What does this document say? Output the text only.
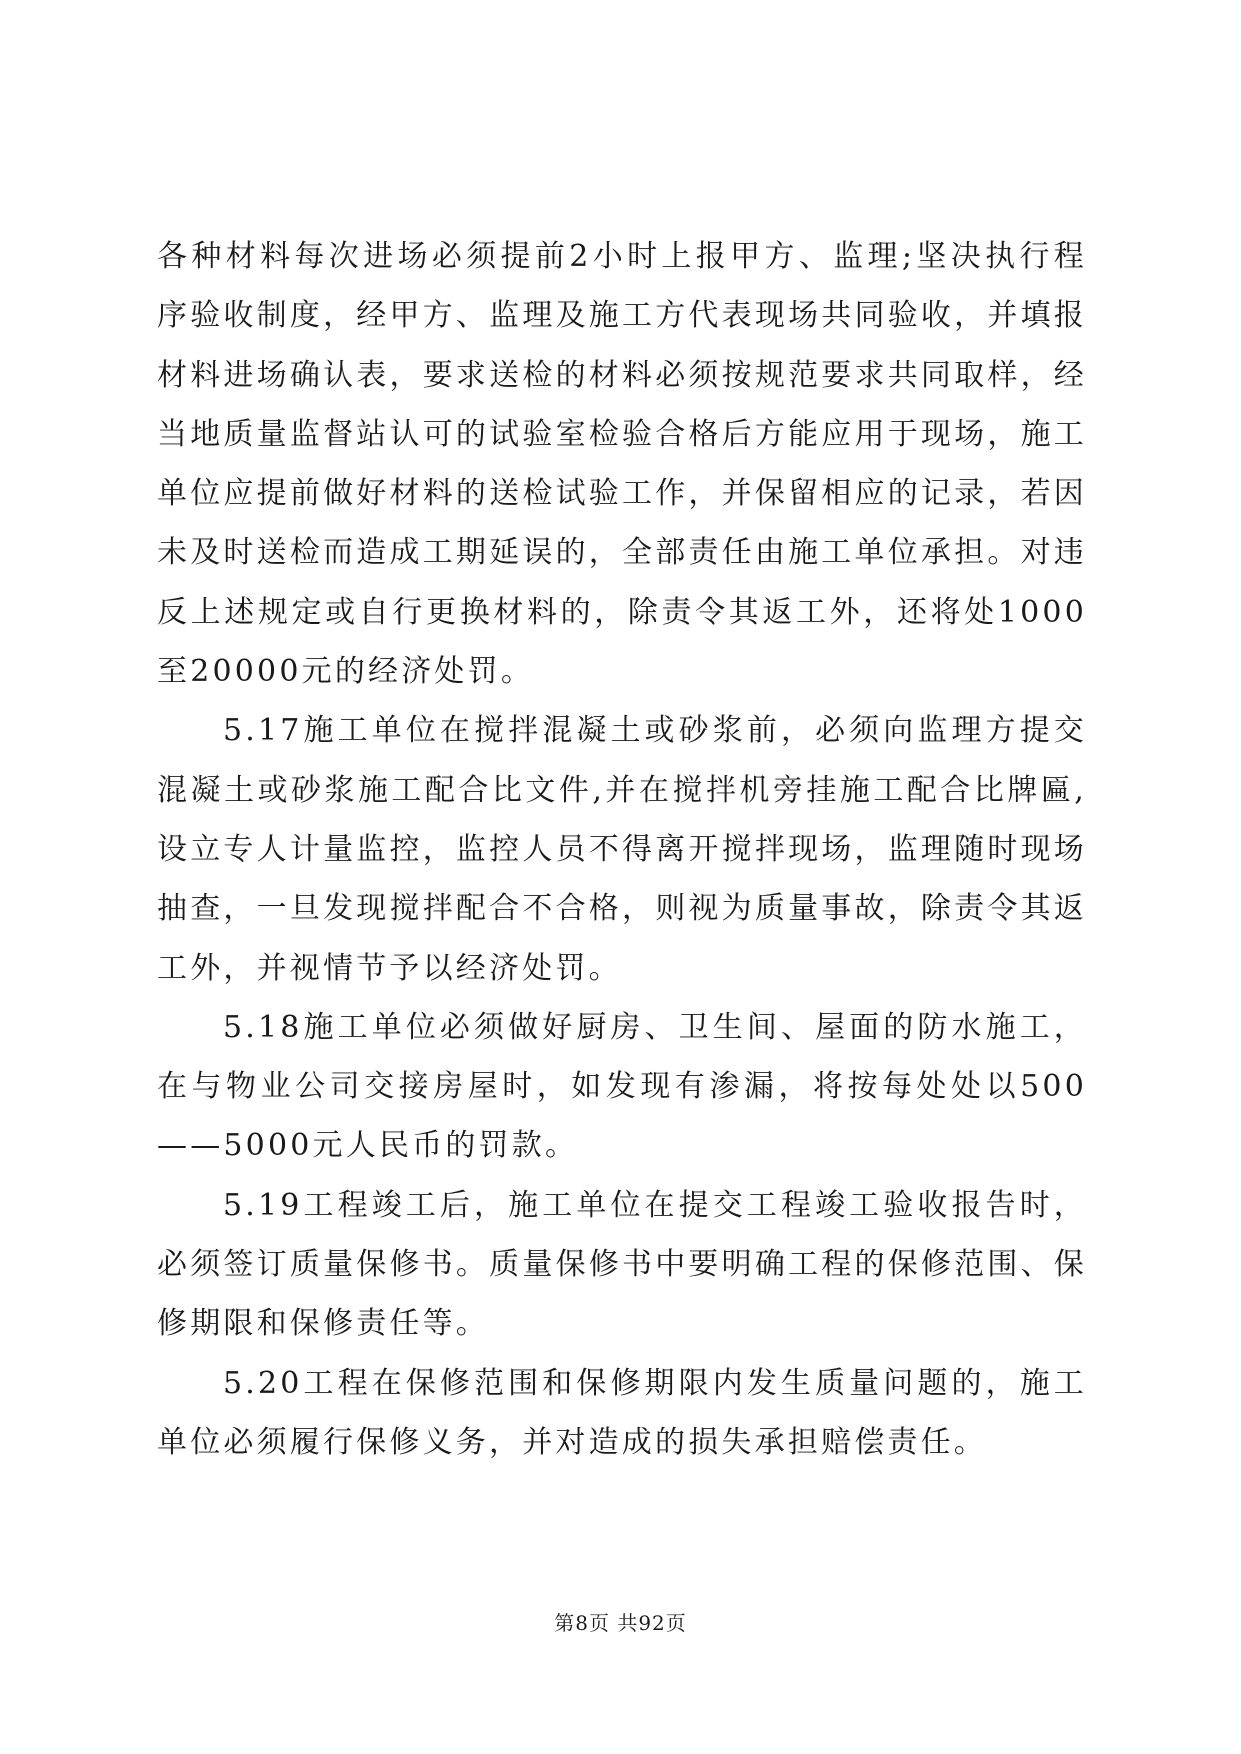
各种材料每次进场必须提前2小时上报甲方、监理;坚决执行程序验收制度，经甲方、监理及施工方代表现场共同验收，并填报材料进场确认表，要求送检的材料必须按规范要求共同取样，经当地质量监督站认可的试验室检验合格后方能应用于现场，施工单位应提前做好材料的送检试验工作，并保留相应的记录，若因未及时送检而造成工期延误的，全部责任由施工单位承担。对违反上述规定或自行更换材料的，除责令其返工外，还将处1000至20000元的经济处罚。

5.17施工单位在搅拌混凝土或砂浆前，必须向监理方提交混凝土或砂浆施工配合比文件,并在搅拌机旁挂施工配合比牌匾,设立专人计量监控，监控人员不得离开搅拌现场，监理随时现场抽查，一旦发现搅拌配合不合格，则视为质量事故，除责令其返工外，并视情节予以经济处罚。

5.18施工单位必须做好厨房、卫生间、屋面的防水施工，在与物业公司交接房屋时，如发现有渗漏，将按每处处以500——5000元人民币的罚款。

5.19工程竣工后，施工单位在提交工程竣工验收报告时，必须签订质量保修书。质量保修书中要明确工程的保修范围、保修期限和保修责任等。

5.20工程在保修范围和保修期限内发生质量问题的，施工单位必须履行保修义务，并对造成的损失承担赔偿责任。

第8页 共92页
